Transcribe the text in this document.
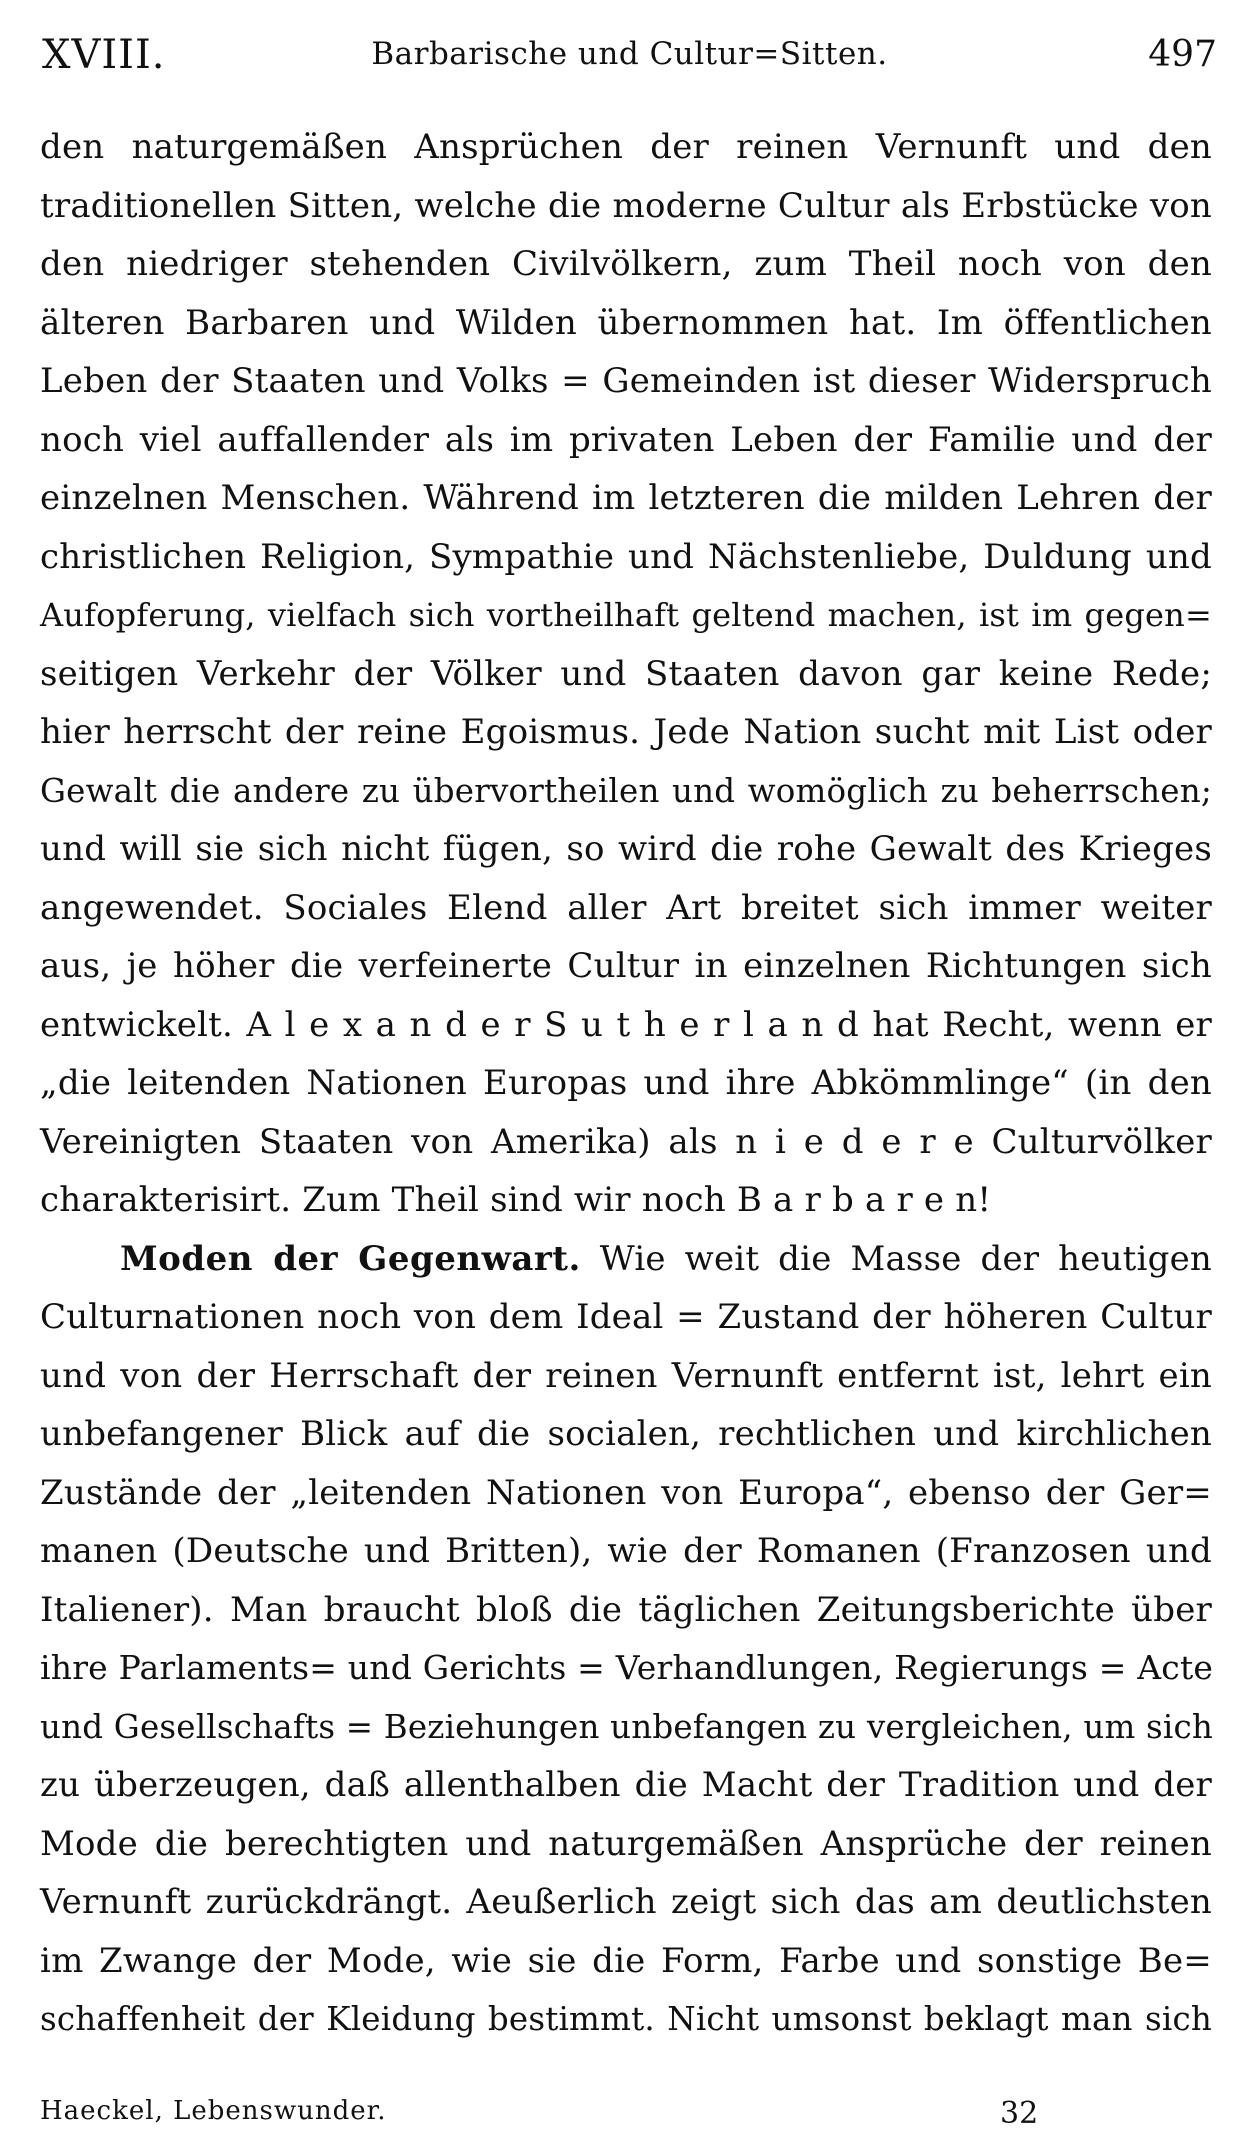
XVIII.	Barbarische und Cultur=Sitten.	497
den naturgemäßen Ansprüchen der reinen Vernunft und den
traditionellen Sitten, welche die moderne Cultur als Erbstücke von
den niedriger stehenden Civilvölkern, zum Theil noch von den
älteren Barbaren und Wilden übernommen hat. Im öffentlichen
Leben der Staaten und Volks = Gemeinden ist dieser Widerspruch
noch viel auffallender als im privaten Leben der Familie und der
einzelnen Menschen. Während im letzteren die milden Lehren der
christlichen Religion, Sympathie und Nächstenliebe, Duldung und
Aufopferung, vielfach sich vortheilhaft geltend machen, ist im gegen=
seitigen Verkehr der Völker und Staaten davon gar keine Rede;
hier herrscht der reine Egoismus. Jede Nation sucht mit List oder
Gewalt die andere zu übervortheilen und womöglich zu beherrschen;
und will sie sich nicht fügen, so wird die rohe Gewalt des Krieges
angewendet. Sociales Elend aller Art breitet sich immer weiter
aus, je höher die verfeinerte Cultur in einzelnen Richtungen sich
entwickelt. A l e x a n d e r S u t h e r l a n d hat Recht, wenn er
„die leitenden Nationen Europas und ihre Abkömmlinge“ (in den
Vereinigten Staaten von Amerika) als n i e d e r e Culturvölker
charakterisirt. Zum Theil sind wir noch B a r b a r e n!
Moden der Gegenwart. Wie weit die Masse der heutigen
Culturnationen noch von dem Ideal = Zustand der höheren Cultur
und von der Herrschaft der reinen Vernunft entfernt ist, lehrt ein
unbefangener Blick auf die socialen, rechtlichen und kirchlichen
Zustände der „leitenden Nationen von Europa“, ebenso der Ger=
manen (Deutsche und Britten), wie der Romanen (Franzosen und
Italiener). Man braucht bloß die täglichen Zeitungsberichte über
ihre Parlaments= und Gerichts = Verhandlungen, Regierungs = Acte
und Gesellschafts = Beziehungen unbefangen zu vergleichen, um sich
zu überzeugen, daß allenthalben die Macht der Tradition und der
Mode die berechtigten und naturgemäßen Ansprüche der reinen
Vernunft zurückdrängt. Aeußerlich zeigt sich das am deutlichsten
im Zwange der Mode, wie sie die Form, Farbe und sonstige Be=
schaffenheit der Kleidung bestimmt. Nicht umsonst beklagt man sich
Haeckel, Lebenswunder.	32
